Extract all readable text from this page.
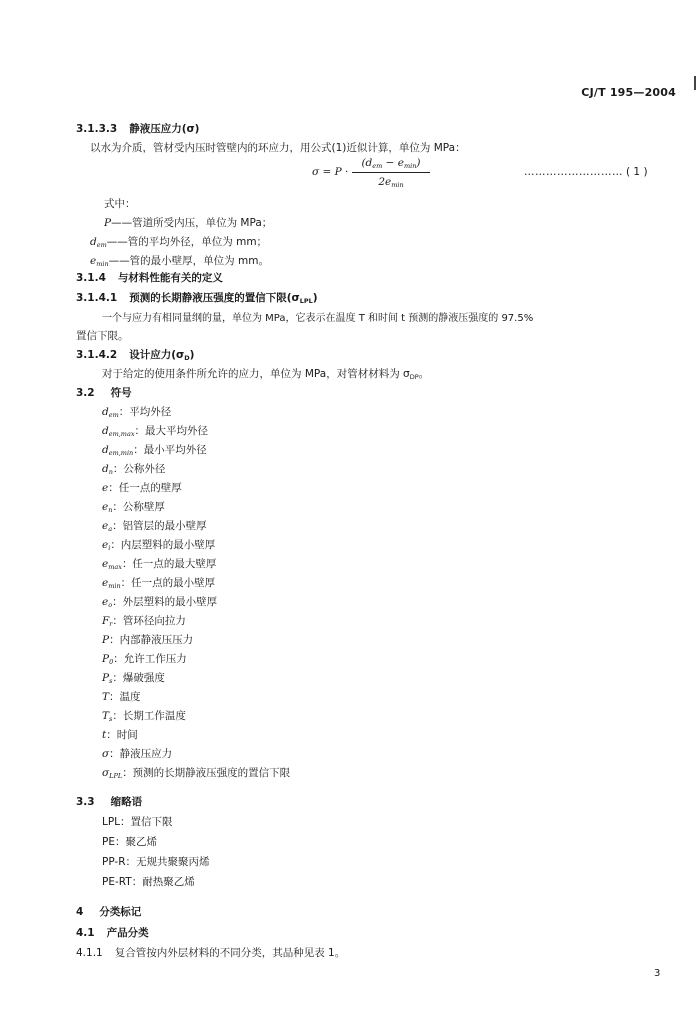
CJ/T 195—2004
3.1.3.3 静液压应力(σ)
以水为介质，管材受内压时管壁内的环应力，用公式(1)近似计算，单位为 MPa：
σ = P ·
$(d_{em} - e_{min})$
$2e_{min}$
……………………… ( 1 )
式中：
P——管道所受内压，单位为 MPa；
$d_{em}——$管的平均外径，单位为 mm；
$e_{min}——$管的最小壁厚，单位为 mm。
3.1.4 与材料性能有关的定义
3.1.4.1 预测的长期静液压强度的置信下限$(\sigma_{LPL})$
一个与应力有相同量纲的量，单位为 MPa，它表示在温度 T 和时间 t 预测的静液压强度的 97.5%
置信下限。
3.1.4.2 设计应力$(\sigma_D)$
对于给定的使用条件所允许的应力，单位为 MPa，对管材材料为 $\sigma_{DP}$。
3.2 符号
$d_{em}$：平均外径
$d_{em,max}$：最大平均外径
$d_{em,min}$：最小平均外径
$d_n$：公称外径
e：任一点的壁厚
$e_n$：公称壁厚
$e_a$：铝管层的最小壁厚
$e_i$：内层塑料的最小壁厚
$e_{max}$：任一点的最大壁厚
$e_{min}$：任一点的最小壁厚
$e_o$：外层塑料的最小壁厚
$F_r$：管环径向拉力
P：内部静液压压力
$P_0$：允许工作压力
$P_s$：爆破强度
T：温度
$T_s$：长期工作温度
t：时间
σ：静液压应力
$\sigma_{LPL}$：预测的长期静液压强度的置信下限
3.3 缩略语
LPL：置信下限
PE：聚乙烯
PP-R：无规共聚聚丙烯
PE-RT：耐热聚乙烯
4 分类标记
4.1 产品分类
4.1.1 复合管按内外层材料的不同分类，其品种见表 1。
3
